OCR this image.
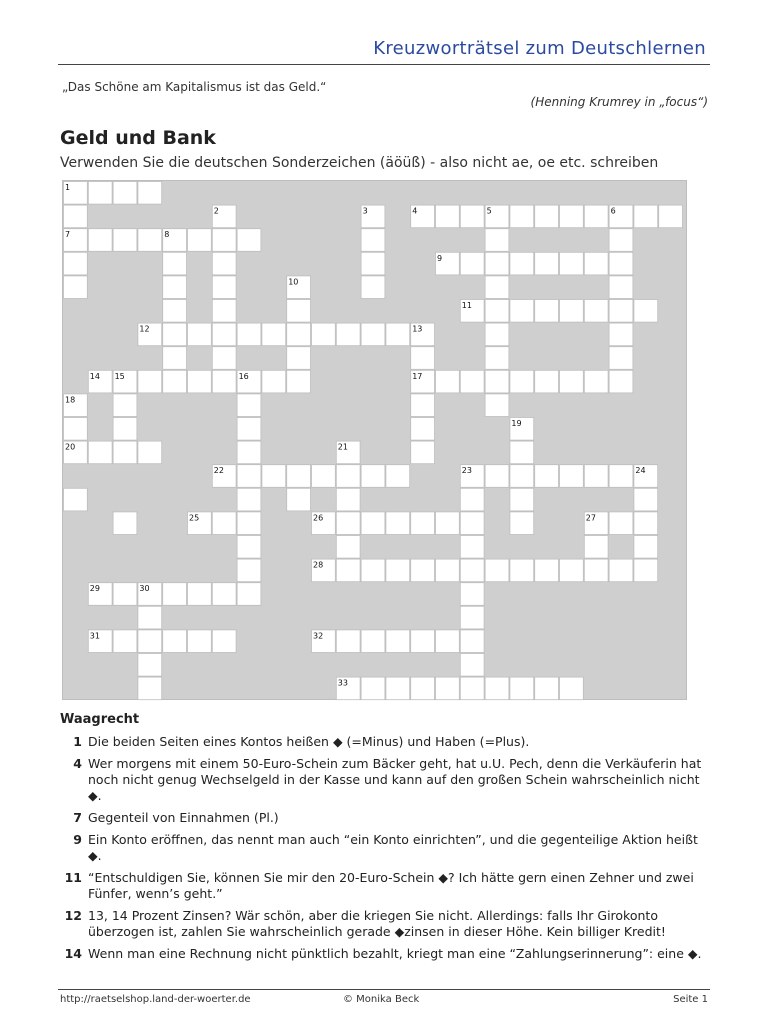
Kreuzworträtsel zum Deutschlernen
„Das Schöne am Kapitalismus ist das Geld.“
(Henning Krumrey in „focus“)
Geld und Bank
Verwenden Sie die deutschen Sonderzeichen (äöüß) - also nicht ae, oe etc. schreiben
1
2	3	4	5	6
7	8
9
10
11
12	13
14 15	16	17
18
19
20	21
22	23	24
25	26	27
28
29	30
31	32
33
Waagrecht
1 Die beiden Seiten eines Kontos heißen ◆ (=Minus) und Haben (=Plus).
4 Wer morgens mit einem 50-Euro-Schein zum Bäcker geht, hat u.U. Pech, denn die Verkäuferin hat noch nicht genug Wechselgeld in der Kasse und kann auf den großen Schein wahrscheinlich nicht ◆.
7 Gegenteil von Einnahmen (Pl.)
9 Ein Konto eröffnen, das nennt man auch “ein Konto einrichten”, und die gegenteilige Aktion heißt ◆.
11 “Entschuldigen Sie, können Sie mir den 20-Euro-Schein ◆? Ich hätte gern einen Zehner und zwei Fünfer, wenn’s geht.”
12 13, 14 Prozent Zinsen? Wär schön, aber die kriegen Sie nicht. Allerdings: falls Ihr Girokonto überzogen ist, zahlen Sie wahrscheinlich gerade ◆zinsen in dieser Höhe. Kein billiger Kredit!
14 Wenn man eine Rechnung nicht pünktlich bezahlt, kriegt man eine “Zahlungserinnerung”: eine ◆.
http://raetselshop.land-der-woerter.de	© Monika Beck	Seite 1
